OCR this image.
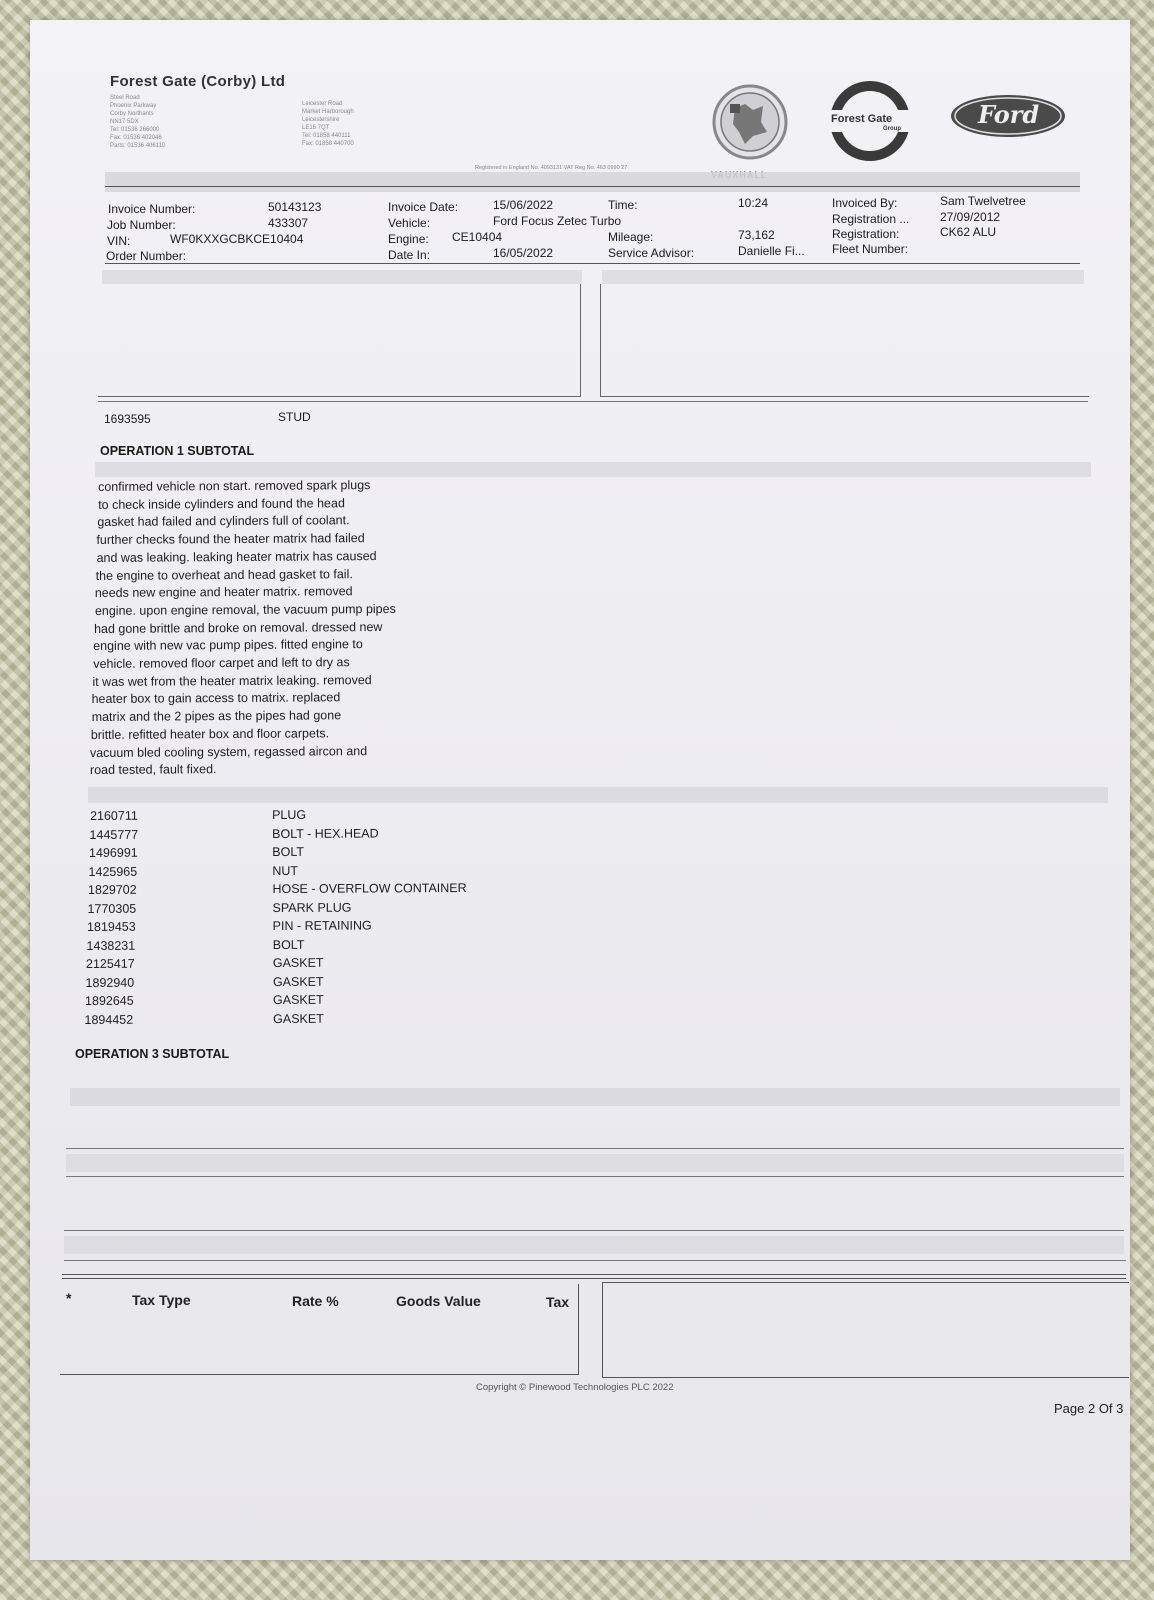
Forest Gate (Corby) Ltd
Steel Road
Phoenix Parkway
Corby Northants
NN17 5DX
Tel: 01536 266000
Fax: 01536 402046
Parts: 01536 406110
Leicester Road
Market Harborough
Leicestershire
LE16 7QT
Tel: 01858 440111
Fax: 01858 440700
Registered in England No. 4093131 VAT Reg No. 463 0990 27
Forest Gate
Group	Ford
Invoice Number:	50143123
Job Number:	433307
VIN:	WF0KXXGCBKCE10404
Order Number:
Invoice Date:	15/06/2022
Vehicle:	Ford Focus Zetec Turbo
Engine: CE10404
Date In:	16/05/2022
Time:	10:24
Mileage:	73,162
Service Advisor:	Danielle Fi...
Invoiced By:	Sam Twelvetree
Registration ...	27/09/2012
Registration:	CK62 ALU
Fleet Number:
1693595	STUD
OPERATION 1 SUBTOTAL
confirmed vehicle non start. removed spark plugs
to check inside cylinders and found the head
gasket had failed and cylinders full of coolant.
further checks found the heater matrix had failed
and was leaking. leaking heater matrix has caused
the engine to overheat and head gasket to fail.
needs new engine and heater matrix. removed
engine. upon engine removal, the vacuum pump pipes
had gone brittle and broke on removal. dressed new
engine with new vac pump pipes. fitted engine to
vehicle. removed floor carpet and left to dry as
it was wet from the heater matrix leaking. removed
heater box to gain access to matrix. replaced
matrix and the 2 pipes as the pipes had gone
brittle. refitted heater box and floor carpets.
vacuum bled cooling system, regassed aircon and
road tested, fault fixed.
2160711	PLUG
1445777	BOLT - HEX.HEAD
1496991	BOLT
1425965	NUT
1829702	HOSE - OVERFLOW CONTAINER
1770305	SPARK PLUG
1819453	PIN - RETAINING
1438231	BOLT
2125417	GASKET
1892940	GASKET
1892645	GASKET
1894452	GASKET
OPERATION 3 SUBTOTAL
*	Tax Type	Rate %	Goods Value	Tax
Copyright © Pinewood Technologies PLC 2022
Page 2 Of 3
